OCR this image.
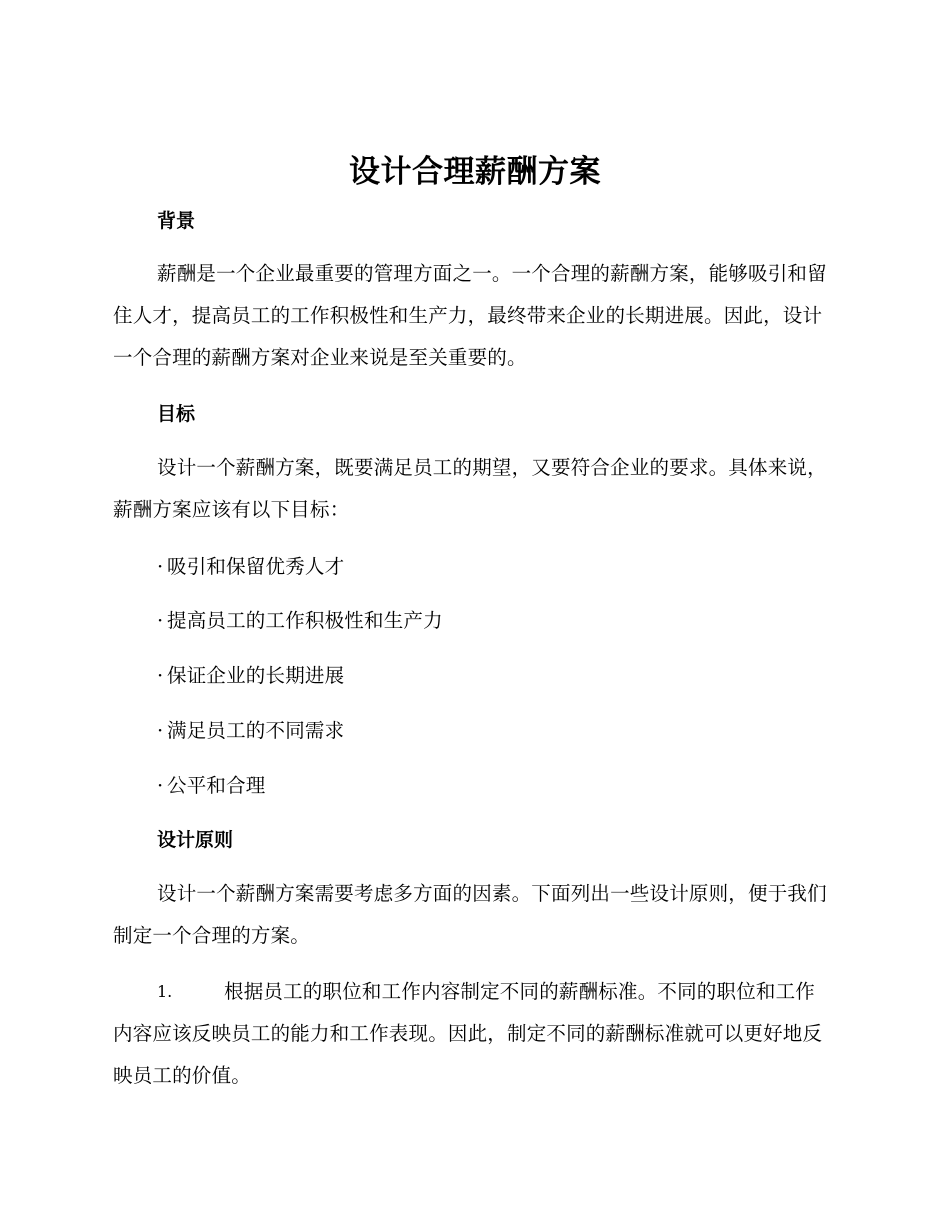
设计合理薪酬方案
背景

薪酬是一个企业最重要的管理方面之一。一个合理的薪酬方案，能够吸引和留住人才，提高员工的工作积极性和生产力，最终带来企业的长期进展。因此，设计一个合理的薪酬方案对企业来说是至关重要的。

目标

设计一个薪酬方案，既要满足员工的期望，又要符合企业的要求。具体来说，薪酬方案应该有以下目标：

· 吸引和保留优秀人才
· 提高员工的工作积极性和生产力
· 保证企业的长期进展
· 满足员工的不同需求
· 公平和合理
设计原则

设计一个薪酬方案需要考虑多方面的因素。下面列出一些设计原则，便于我们制定一个合理的方案。

1.	根据员工的职位和工作内容制定不同的薪酬标准。不同的职位和工作内容应该反映员工的能力和工作表现。因此，制定不同的薪酬标准就可以更好地反映员工的价值。
